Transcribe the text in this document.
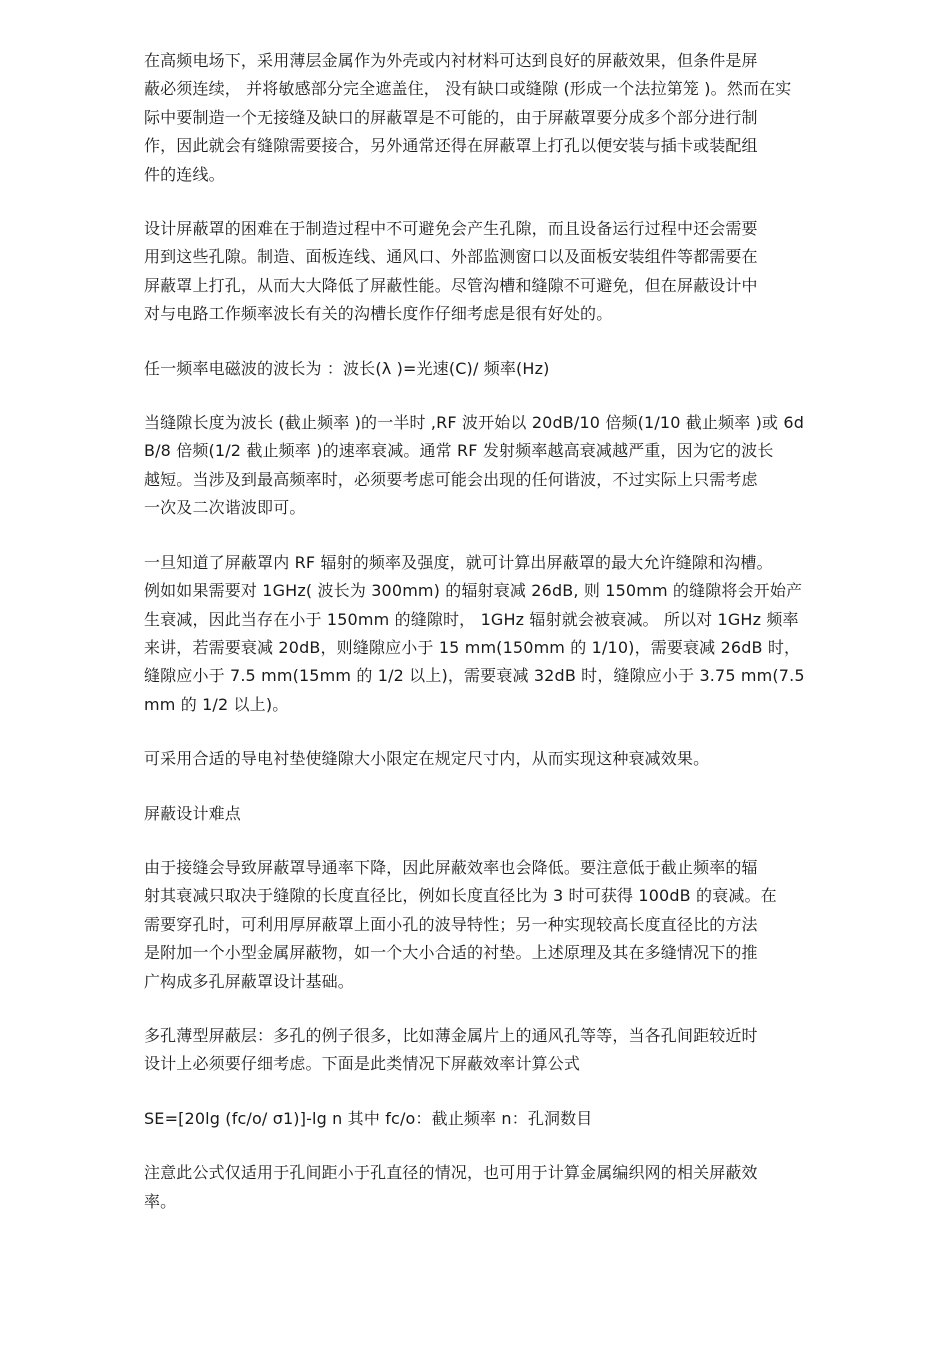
在高频电场下，采用薄层金属作为外壳或内衬材料可达到良好的屏蔽效果，但条件是屏
蔽必须连续， 并将敏感部分完全遮盖住， 没有缺口或缝隙 (形成一个法拉第笼 )。然而在实
际中要制造一个无接缝及缺口的屏蔽罩是不可能的，由于屏蔽罩要分成多个部分进行制
作，因此就会有缝隙需要接合，另外通常还得在屏蔽罩上打孔以便安装与插卡或装配组
件的连线。

设计屏蔽罩的困难在于制造过程中不可避免会产生孔隙，而且设备运行过程中还会需要
用到这些孔隙。制造、面板连线、通风口、外部监测窗口以及面板安装组件等都需要在
屏蔽罩上打孔，从而大大降低了屏蔽性能。尽管沟槽和缝隙不可避免，但在屏蔽设计中
对与电路工作频率波长有关的沟槽长度作仔细考虑是很有好处的。

任一频率电磁波的波长为 ：波长(λ )=光速(C)/ 频率(Hz)

当缝隙长度为波长 (截止频率 )的一半时 ,RF 波开始以 20dB/10 倍频(1/10 截止频率 )或 6d
B/8 倍频(1/2 截止频率 )的速率衰减。通常 RF 发射频率越高衰减越严重，因为它的波长
越短。当涉及到最高频率时，必须要考虑可能会出现的任何谐波，不过实际上只需考虑
一次及二次谐波即可。

一旦知道了屏蔽罩内 RF 辐射的频率及强度，就可计算出屏蔽罩的最大允许缝隙和沟槽。
例如如果需要对 1GHz( 波长为 300mm) 的辐射衰减 26dB, 则 150mm 的缝隙将会开始产
生衰减，因此当存在小于 150mm 的缝隙时， 1GHz 辐射就会被衰减。 所以对 1GHz 频率
来讲，若需要衰减 20dB，则缝隙应小于 15 mm(150mm 的 1/10)，需要衰减 26dB 时，
缝隙应小于 7.5 mm(15mm 的 1/2 以上)，需要衰减 32dB 时，缝隙应小于 3.75 mm(7.5
mm 的 1/2 以上)。

可采用合适的导电衬垫使缝隙大小限定在规定尺寸内，从而实现这种衰减效果。

屏蔽设计难点

由于接缝会导致屏蔽罩导通率下降，因此屏蔽效率也会降低。要注意低于截止频率的辐
射其衰减只取决于缝隙的长度直径比，例如长度直径比为 3 时可获得 100dB 的衰减。在
需要穿孔时，可利用厚屏蔽罩上面小孔的波导特性；另一种实现较高长度直径比的方法
是附加一个小型金属屏蔽物，如一个大小合适的衬垫。上述原理及其在多缝情况下的推
广构成多孔屏蔽罩设计基础。

多孔薄型屏蔽层：多孔的例子很多，比如薄金属片上的通风孔等等，当各孔间距较近时
设计上必须要仔细考虑。下面是此类情况下屏蔽效率计算公式

SE=[20lg (fc/o/ σ1)]-lg n 其中 fc/o：截止频率 n：孔洞数目

注意此公式仅适用于孔间距小于孔直径的情况，也可用于计算金属编织网的相关屏蔽效
率。
